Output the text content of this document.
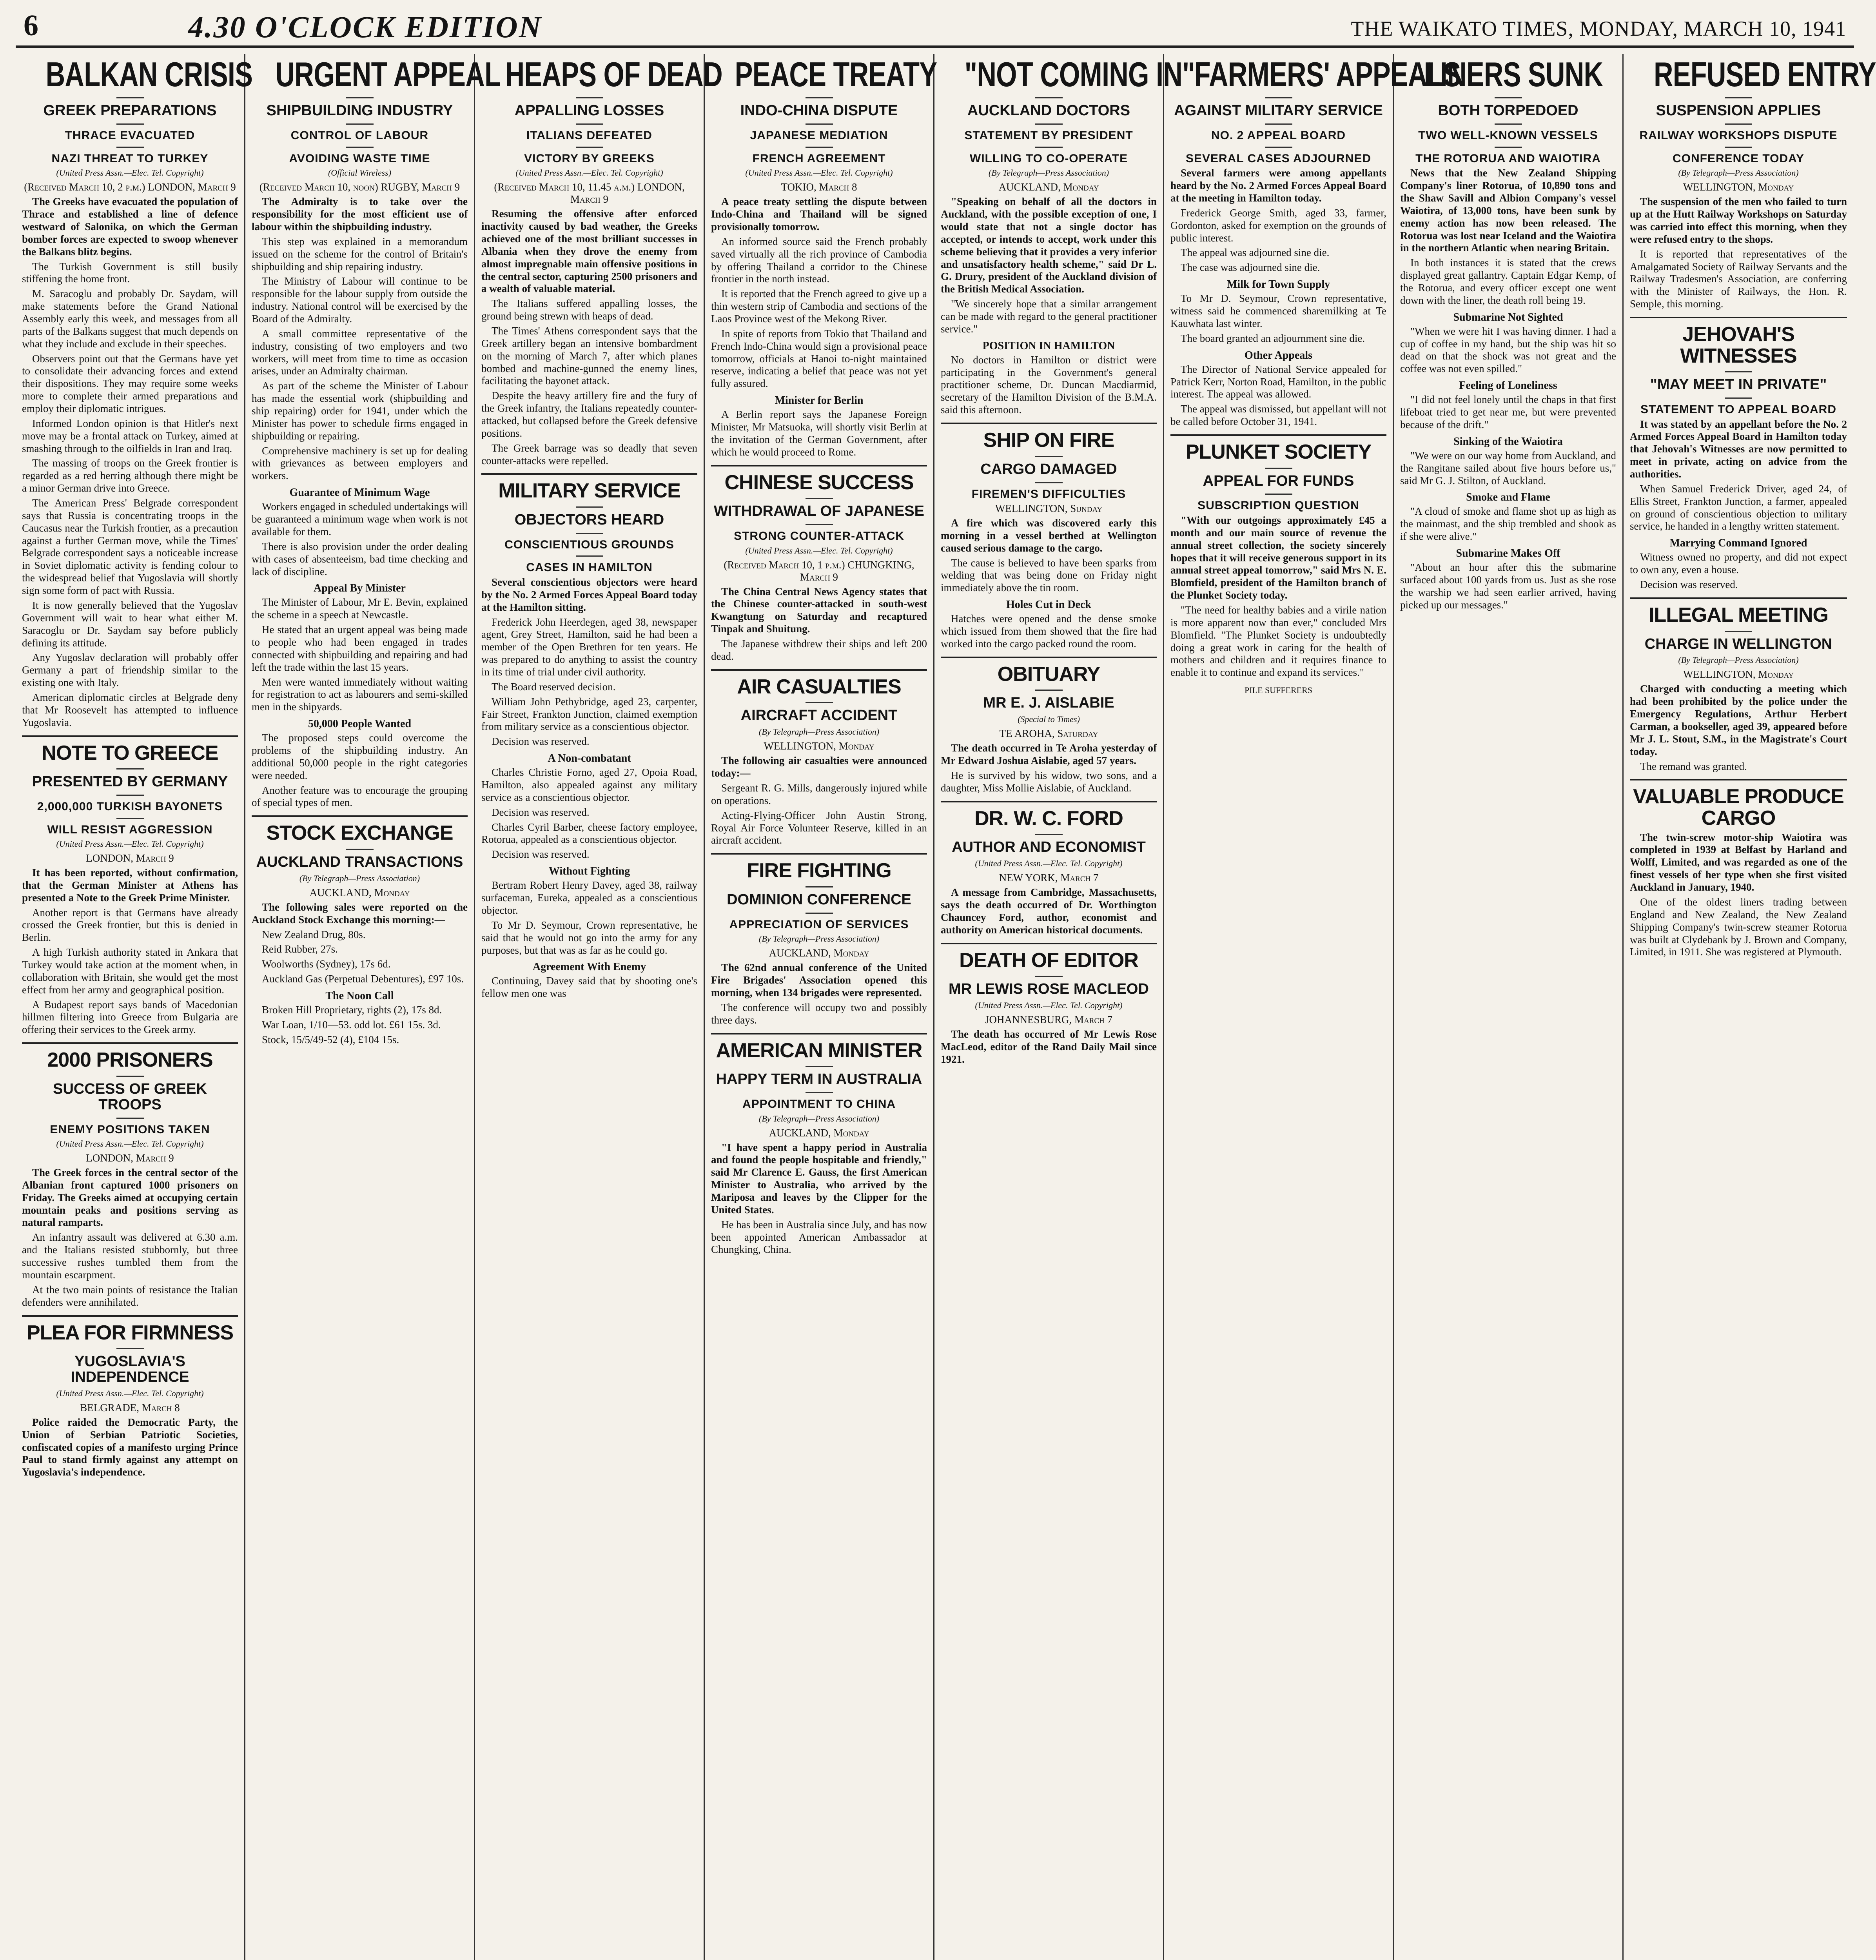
6	4.30 O'CLOCK EDITION	THE WAIKATO TIMES, MONDAY, MARCH 10, 1941
BALKAN CRISIS
GREEK PREPARATIONS
THRACE EVACUATED
NAZI THREAT TO TURKEY
(United Press Assn.—Elec. Tel. Copyright)
(Received March 10, 2 p.m.) LONDON, March 9

The Greeks have evacuated the population of Thrace and established a line of defence westward of Salonika, on which the German bomber forces are expected to swoop whenever the Balkans blitz begins.

The Turkish Government is still busily stiffening the home front.

M. Saracoglu and probably Dr. Saydam, will make statements before the Grand National Assembly early this week, and messages from all parts of the Balkans suggest that much depends on what they include and exclude in their speeches.

Observers point out that the Germans have yet to consolidate their advancing forces and extend their dispositions. They may require some weeks more to complete their armed preparations and employ their diplomatic intrigues.

Informed London opinion is that Hitler's next move may be a frontal attack on Turkey, aimed at smashing through to the oilfields in Iran and Iraq.

The massing of troops on the Greek frontier is regarded as a red herring although there might be a minor German drive into Greece.

The American Press' Belgrade correspondent says that Russia is concentrating troops in the Caucasus near the Turkish frontier, as a precaution against a further German move, while the Times' Belgrade correspondent says a noticeable increase in Soviet diplomatic activity is fending colour to the widespread belief that Yugoslavia will shortly sign some form of pact with Russia.

It is now generally believed that the Yugoslav Government will wait to hear what either M. Saracoglu or Dr. Saydam say before publicly defining its attitude.

Any Yugoslav declaration will probably offer Germany a part of friendship similar to the existing one with Italy.

American diplomatic circles at Belgrade deny that Mr Roosevelt has attempted to influence Yugoslavia.

NOTE TO GREECE
PRESENTED BY GERMANY
2,000,000 TURKISH BAYONETS
WILL RESIST AGGRESSION
(United Press Assn.—Elec. Tel. Copyright)
LONDON, March 9

It has been reported, without confirmation, that the German Minister at Athens has presented a Note to the Greek Prime Minister.

Another report is that Germans have already crossed the Greek frontier, but this is denied in Berlin.

A high Turkish authority stated in Ankara that Turkey would take action at the moment when, in collaboration with Britain, she would get the most effect from her army and geographical position.

A Budapest report says bands of Macedonian hillmen filtering into Greece from Bulgaria are offering their services to the Greek army.

2000 PRISONERS
SUCCESS OF GREEK TROOPS
ENEMY POSITIONS TAKEN
(United Press Assn.—Elec. Tel. Copyright)
LONDON, March 9

The Greek forces in the central sector of the Albanian front captured 1000 prisoners on Friday. The Greeks aimed at occupying certain mountain peaks and positions serving as natural ramparts.

An infantry assault was delivered at 6.30 a.m. and the Italians resisted stubbornly, but three successive rushes tumbled them from the mountain escarpment.

At the two main points of resistance the Italian defenders were annihilated.

PLEA FOR FIRMNESS
YUGOSLAVIA'S INDEPENDENCE
(United Press Assn.—Elec. Tel. Copyright)
BELGRADE, March 8

Police raided the Democratic Party, the Union of Serbian Patriotic Societies, confiscated copies of a manifesto urging Prince Paul to stand firmly against any attempt on Yugoslavia's independence.

URGENT APPEAL
SHIPBUILDING INDUSTRY
CONTROL OF LABOUR
AVOIDING WASTE TIME
(Official Wireless)
(Received March 10, noon) RUGBY, March 9

The Admiralty is to take over the responsibility for the most efficient use of labour within the shipbuilding industry.

This step was explained in a memorandum issued on the scheme for the control of Britain's shipbuilding and ship repairing industry.

The Ministry of Labour will continue to be responsible for the labour supply from outside the industry. National control will be exercised by the Board of the Admiralty.

A small committee representative of the industry, consisting of two employers and two workers, will meet from time to time as occasion arises, under an Admiralty chairman.

As part of the scheme the Minister of Labour has made the essential work (shipbuilding and ship repairing) order for 1941, under which the Minister has power to schedule firms engaged in shipbuilding or repairing.

Comprehensive machinery is set up for dealing with grievances as between employers and workers.

Guarantee of Minimum Wage

Workers engaged in scheduled undertakings will be guaranteed a minimum wage when work is not available for them.

There is also provision under the order dealing with cases of absenteeism, bad time checking and lack of discipline.

Appeal By Minister

The Minister of Labour, Mr E. Bevin, explained the scheme in a speech at Newcastle.

He stated that an urgent appeal was being made to people who had been engaged in trades connected with shipbuilding and repairing and had left the trade within the last 15 years.

Men were wanted immediately without waiting for registration to act as labourers and semi-skilled men in the shipyards.

50,000 People Wanted

The proposed steps could overcome the problems of the shipbuilding industry. An additional 50,000 people in the right categories were needed.

Another feature was to encourage the grouping of special types of men.

STOCK EXCHANGE
AUCKLAND TRANSACTIONS
(By Telegraph—Press Association)
AUCKLAND, Monday

The following sales were reported on the Auckland Stock Exchange this morning:—

New Zealand Drug, 80s.

Reid Rubber, 27s.

Woolworths (Sydney), 17s 6d.

Auckland Gas (Perpetual Debentures), £97 10s.

The Noon Call

Broken Hill Proprietary, rights (2), 17s 8d.

War Loan, 1/10—53. odd lot. £61 15s. 3d.

Stock, 15/5/49-52 (4), £104 15s.

HEAPS OF DEAD
APPALLING LOSSES
ITALIANS DEFEATED
VICTORY BY GREEKS
(United Press Assn.—Elec. Tel. Copyright)
(Received March 10, 11.45 a.m.) LONDON, March 9

Resuming the offensive after enforced inactivity caused by bad weather, the Greeks achieved one of the most brilliant successes in Albania when they drove the enemy from almost impregnable main offensive positions in the central sector, capturing 2500 prisoners and a wealth of valuable material.

The Italians suffered appalling losses, the ground being strewn with heaps of dead.

The Times' Athens correspondent says that the Greek artillery began an intensive bombardment on the morning of March 7, after which planes bombed and machine-gunned the enemy lines, facilitating the bayonet attack.

Despite the heavy artillery fire and the fury of the Greek infantry, the Italians repeatedly counter-attacked, but collapsed before the Greek defensive positions.

The Greek barrage was so deadly that seven counter-attacks were repelled.

MILITARY SERVICE
OBJECTORS HEARD
CONSCIENTIOUS GROUNDS
CASES IN HAMILTON

Several conscientious objectors were heard by the No. 2 Armed Forces Appeal Board today at the Hamilton sitting.

Frederick John Heerdegen, aged 38, newspaper agent, Grey Street, Hamilton, said he had been a member of the Open Brethren for ten years. He was prepared to do anything to assist the country in its time of trial under civil authority.

The Board reserved decision.

William John Pethybridge, aged 23, carpenter, Fair Street, Frankton Junction, claimed exemption from military service as a conscientious objector.

Decision was reserved.

A Non-combatant

Charles Christie Forno, aged 27, Opoia Road, Hamilton, also appealed against any military service as a conscientious objector.

Decision was reserved.

Charles Cyril Barber, cheese factory employee, Rotorua, appealed as a conscientious objector.

Decision was reserved.

Without Fighting

Bertram Robert Henry Davey, aged 38, railway surfaceman, Eureka, appealed as a conscientious objector.

To Mr D. Seymour, Crown representative, he said that he would not go into the army for any purposes, but that was as far as he could go.

Agreement With Enemy

Continuing, Davey said that by shooting one's fellow men one was

PEACE TREATY
INDO-CHINA DISPUTE
JAPANESE MEDIATION
FRENCH AGREEMENT
(United Press Assn.—Elec. Tel. Copyright)
TOKIO, March 8

A peace treaty settling the dispute between Indo-China and Thailand will be signed provisionally tomorrow.

An informed source said the French probably saved virtually all the rich province of Cambodia by offering Thailand a corridor to the Chinese frontier in the north instead.

It is reported that the French agreed to give up a thin western strip of Cambodia and sections of the Laos Province west of the Mekong River.

In spite of reports from Tokio that Thailand and French Indo-China would sign a provisional peace tomorrow, officials at Hanoi to-night maintained reserve, indicating a belief that peace was not yet fully assured.

Minister for Berlin

A Berlin report says the Japanese Foreign Minister, Mr Matsuoka, will shortly visit Berlin at the invitation of the German Government, after which he would proceed to Rome.

CHINESE SUCCESS
WITHDRAWAL OF JAPANESE
STRONG COUNTER-ATTACK
(United Press Assn.—Elec. Tel. Copyright)
(Received March 10, 1 p.m.) CHUNGKING, March 9

The China Central News Agency states that the Chinese counter-attacked in south-west Kwangtung on Saturday and recaptured Tinpak and Shuitung.

The Japanese withdrew their ships and left 200 dead.

AIR CASUALTIES
AIRCRAFT ACCIDENT
(By Telegraph—Press Association)
WELLINGTON, Monday

The following air casualties were announced today:—

Sergeant R. G. Mills, dangerously injured while on operations.

Acting-Flying-Officer John Austin Strong, Royal Air Force Volunteer Reserve, killed in an aircraft accident.

FIRE FIGHTING
DOMINION CONFERENCE
APPRECIATION OF SERVICES
(By Telegraph—Press Association)
AUCKLAND, Monday

The 62nd annual conference of the United Fire Brigades' Association opened this morning, when 134 brigades were represented.

The conference will occupy two and possibly three days.

AMERICAN MINISTER
HAPPY TERM IN AUSTRALIA
APPOINTMENT TO CHINA
(By Telegraph—Press Association)
AUCKLAND, Monday

"I have spent a happy period in Australia and found the people hospitable and friendly," said Mr Clarence E. Gauss, the first American Minister to Australia, who arrived by the Mariposa and leaves by the Clipper for the United States.

He has been in Australia since July, and has now been appointed American Ambassador at Chungking, China.

"NOT COMING IN"
AUCKLAND DOCTORS
STATEMENT BY PRESIDENT
WILLING TO CO-OPERATE
(By Telegraph—Press Association)
AUCKLAND, Monday

"Speaking on behalf of all the doctors in Auckland, with the possible exception of one, I would state that not a single doctor has accepted, or intends to accept, work under this scheme believing that it provides a very inferior and unsatisfactory health scheme," said Dr L. G. Drury, president of the Auckland division of the British Medical Association.

"We sincerely hope that a similar arrangement can be made with regard to the general practitioner service."

POSITION IN HAMILTON

No doctors in Hamilton or district were participating in the Government's general practitioner scheme, Dr. Duncan Macdiarmid, secretary of the Hamilton Division of the B.M.A. said this afternoon.

SHIP ON FIRE
CARGO DAMAGED
FIREMEN'S DIFFICULTIES
WELLINGTON, Sunday

A fire which was discovered early this morning in a vessel berthed at Wellington caused serious damage to the cargo.

The cause is believed to have been sparks from welding that was being done on Friday night immediately above the tin room.

Holes Cut in Deck

Hatches were opened and the dense smoke which issued from them showed that the fire had worked into the cargo packed round the room.

OBITUARY
MR E. J. AISLABIE
(Special to Times)
TE AROHA, Saturday

The death occurred in Te Aroha yesterday of Mr Edward Joshua Aislabie, aged 57 years.

He is survived by his widow, two sons, and a daughter, Miss Mollie Aislabie, of Auckland.

DR. W. C. FORD
AUTHOR AND ECONOMIST
(United Press Assn.—Elec. Tel. Copyright)
NEW YORK, March 7

A message from Cambridge, Massachusetts, says the death occurred of Dr. Worthington Chauncey Ford, author, economist and authority on American historical documents.

DEATH OF EDITOR
MR LEWIS ROSE MACLEOD
(United Press Assn.—Elec. Tel. Copyright)
JOHANNESBURG, March 7

The death has occurred of Mr Lewis Rose MacLeod, editor of the Rand Daily Mail since 1921.

FARMERS' APPEALS
AGAINST MILITARY SERVICE
NO. 2 APPEAL BOARD
SEVERAL CASES ADJOURNED

Several farmers were among appellants heard by the No. 2 Armed Forces Appeal Board at the meeting in Hamilton today.

Frederick George Smith, aged 33, farmer, Gordonton, asked for exemption on the grounds of public interest.

The appeal was adjourned sine die.

The case was adjourned sine die.

Milk for Town Supply

To Mr D. Seymour, Crown representative, witness said he commenced sharemilking at Te Kauwhata last winter.

The board granted an adjournment sine die.

Other Appeals

The Director of National Service appealed for Patrick Kerr, Norton Road, Hamilton, in the public interest. The appeal was allowed.

The appeal was dismissed, but appellant will not be called before October 31, 1941.

PLUNKET SOCIETY
APPEAL FOR FUNDS
SUBSCRIPTION QUESTION

"With our outgoings approximately £45 a month and our main source of revenue the annual street collection, the society sincerely hopes that it will receive generous support in its annual street appeal tomorrow," said Mrs N. E. Blomfield, president of the Hamilton branch of the Plunket Society today.

"The need for healthy babies and a virile nation is more apparent now than ever," concluded Mrs Blomfield. "The Plunket Society is undoubtedly doing a great work in caring for the health of mothers and children and it requires finance to enable it to continue and expand its services."

PILE SUFFERERS
LINERS SUNK
BOTH TORPEDOED
TWO WELL-KNOWN VESSELS
THE ROTORUA AND WAIOTIRA

News that the New Zealand Shipping Company's liner Rotorua, of 10,890 tons and the Shaw Savill and Albion Company's vessel Waiotira, of 13,000 tons, have been sunk by enemy action has now been released. The Rotorua was lost near Iceland and the Waiotira in the northern Atlantic when nearing Britain.

In both instances it is stated that the crews displayed great gallantry. Captain Edgar Kemp, of the Rotorua, and every officer except one went down with the liner, the death roll being 19.

Submarine Not Sighted

"When we were hit I was having dinner. I had a cup of coffee in my hand, but the ship was hit so dead on that the shock was not great and the coffee was not even spilled."

Feeling of Loneliness

"I did not feel lonely until the chaps in that first lifeboat tried to get near me, but were prevented because of the drift."

Sinking of the Waiotira

"We were on our way home from Auckland, and the Rangitane sailed about five hours before us," said Mr G. J. Stilton, of Auckland.

Smoke and Flame

"A cloud of smoke and flame shot up as high as the mainmast, and the ship trembled and shook as if she were alive."

Submarine Makes Off

"About an hour after this the submarine surfaced about 100 yards from us. Just as she rose the warship we had seen earlier arrived, having picked up our messages."

REFUSED ENTRY
SUSPENSION APPLIES
RAILWAY WORKSHOPS DISPUTE
CONFERENCE TODAY
(By Telegraph—Press Association)
WELLINGTON, Monday

The suspension of the men who failed to turn up at the Hutt Railway Workshops on Saturday was carried into effect this morning, when they were refused entry to the shops.

It is reported that representatives of the Amalgamated Society of Railway Servants and the Railway Tradesmen's Association, are conferring with the Minister of Railways, the Hon. R. Semple, this morning.

JEHOVAH'S WITNESSES
"MAY MEET IN PRIVATE"
STATEMENT TO APPEAL BOARD

It was stated by an appellant before the No. 2 Armed Forces Appeal Board in Hamilton today that Jehovah's Witnesses are now permitted to meet in private, acting on advice from the authorities.

When Samuel Frederick Driver, aged 24, of Ellis Street, Frankton Junction, a farmer, appealed on ground of conscientious objection to military service, he handed in a lengthy written statement.

Marrying Command Ignored

Witness owned no property, and did not expect to own any, even a house.

Decision was reserved.

ILLEGAL MEETING
CHARGE IN WELLINGTON
(By Telegraph—Press Association)
WELLINGTON, Monday

Charged with conducting a meeting which had been prohibited by the police under the Emergency Regulations, Arthur Herbert Carman, a bookseller, aged 39, appeared before Mr J. L. Stout, S.M., in the Magistrate's Court today.

The remand was granted.

VALUABLE PRODUCE CARGO

The twin-screw motor-ship Waiotira was completed in 1939 at Belfast by Harland and Wolff, Limited, and was regarded as one of the finest vessels of her type when she first visited Auckland in January, 1940.

One of the oldest liners trading between England and New Zealand, the New Zealand Shipping Company's twin-screw steamer Rotorua was built at Clydebank by J. Brown and Company, Limited, in 1911. She was registered at Plymouth.
